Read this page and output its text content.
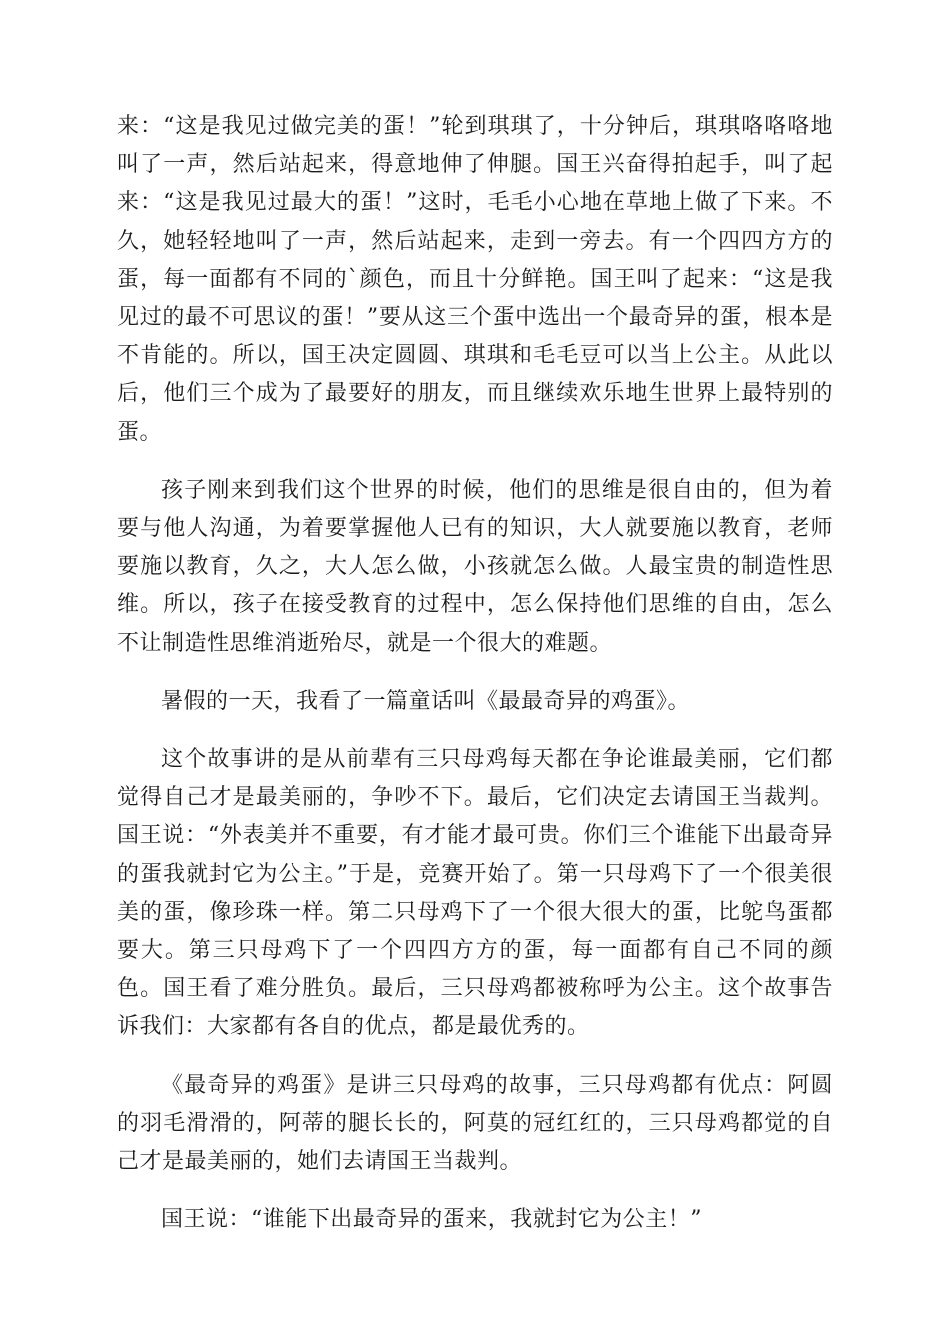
来：“这是我见过做完美的蛋！”轮到琪琪了，十分钟后，琪琪咯咯咯地叫了一声，然后站起来，得意地伸了伸腿。国王兴奋得拍起手，叫了起来：“这是我见过最大的蛋！”这时，毛毛小心地在草地上做了下来。不久，她轻轻地叫了一声，然后站起来，走到一旁去。有一个四四方方的蛋，每一面都有不同的`颜色，而且十分鲜艳。国王叫了起来：“这是我见过的最不可思议的蛋！”要从这三个蛋中选出一个最奇异的蛋，根本是不肯能的。所以，国王决定圆圆、琪琪和毛毛豆可以当上公主。从此以后，他们三个成为了最要好的朋友，而且继续欢乐地生世界上最特别的蛋。

孩子刚来到我们这个世界的时候，他们的思维是很自由的，但为着要与他人沟通，为着要掌握他人已有的知识，大人就要施以教育，老师要施以教育，久之，大人怎么做，小孩就怎么做。人最宝贵的制造性思维。所以，孩子在接受教育的过程中，怎么保持他们思维的自由，怎么不让制造性思维消逝殆尽，就是一个很大的难题。

暑假的一天，我看了一篇童话叫《最最奇异的鸡蛋》。

这个故事讲的是从前辈有三只母鸡每天都在争论谁最美丽，它们都觉得自己才是最美丽的，争吵不下。最后，它们决定去请国王当裁判。国王说：“外表美并不重要，有才能才最可贵。你们三个谁能下出最奇异的蛋我就封它为公主。”于是，竞赛开始了。第一只母鸡下了一个很美很美的蛋，像珍珠一样。第二只母鸡下了一个很大很大的蛋，比鸵鸟蛋都要大。第三只母鸡下了一个四四方方的蛋，每一面都有自己不同的颜色。国王看了难分胜负。最后，三只母鸡都被称呼为公主。这个故事告诉我们：大家都有各自的优点，都是最优秀的。

《最奇异的鸡蛋》是讲三只母鸡的故事，三只母鸡都有优点：阿圆的羽毛滑滑的，阿蒂的腿长长的，阿莫的冠红红的，三只母鸡都觉的自己才是最美丽的，她们去请国王当裁判。

国王说：“谁能下出最奇异的蛋来，我就封它为公主！”
